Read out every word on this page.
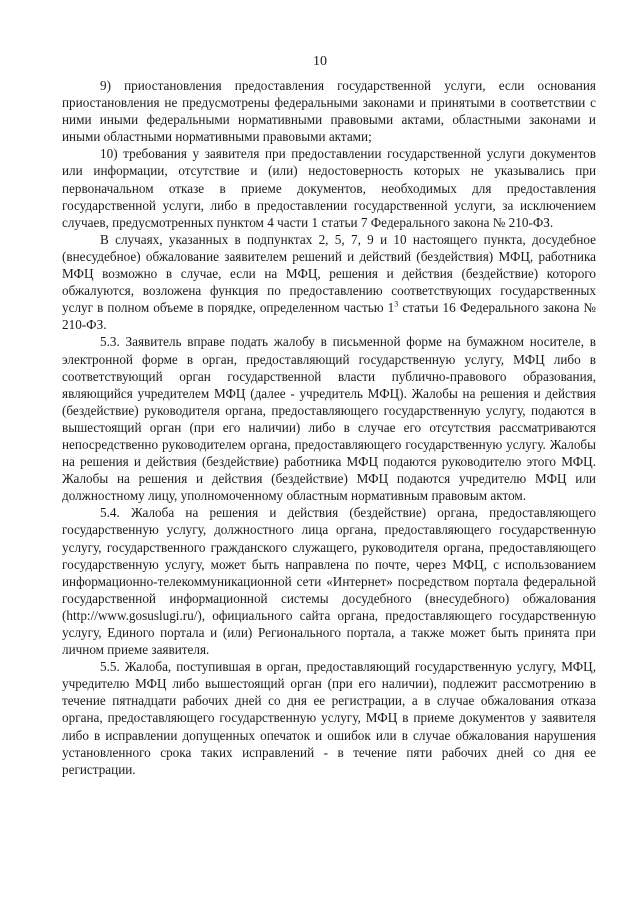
10

9) приостановления предоставления государственной услуги, если основания приостановления не предусмотрены федеральными законами и принятыми в соответствии с ними иными федеральными нормативными правовыми актами, областными законами и иными областными нормативными правовыми актами;

10) требования у заявителя при предоставлении государственной услуги документов или информации, отсутствие и (или) недостоверность которых не указывались при первоначальном отказе в приеме документов, необходимых для предоставления государственной услуги, либо в предоставлении государственной услуги, за исключением случаев, предусмотренных пунктом 4 части 1 статьи 7 Федерального закона № 210-ФЗ.

В случаях, указанных в подпунктах 2, 5, 7, 9 и 10 настоящего пункта, досудебное (внесудебное) обжалование заявителем решений и действий (бездействия) МФЦ, работника МФЦ возможно в случае, если на МФЦ, решения и действия (бездействие) которого обжалуются, возложена функция по предоставлению соответствующих государственных услуг в полном объеме в порядке, определенном частью $1^3$ статьи 16 Федерального закона № 210-ФЗ.

5.3. Заявитель вправе подать жалобу в письменной форме на бумажном носителе, в электронной форме в орган, предоставляющий государственную услугу, МФЦ либо в соответствующий орган государственной власти публично-правового образования, являющийся учредителем МФЦ (далее - учредитель МФЦ). Жалобы на решения и действия (бездействие) руководителя органа, предоставляющего государственную услугу, подаются в вышестоящий орган (при его наличии) либо в случае его отсутствия рассматриваются непосредственно руководителем органа, предоставляющего государственную услугу. Жалобы на решения и действия (бездействие) работника МФЦ подаются руководителю этого МФЦ. Жалобы на решения и действия (бездействие) МФЦ подаются учредителю МФЦ или должностному лицу, уполномоченному областным нормативным правовым актом.

5.4. Жалоба на решения и действия (бездействие) органа, предоставляющего государственную услугу, должностного лица органа, предоставляющего государственную услугу, государственного гражданского служащего, руководителя органа, предоставляющего государственную услугу, может быть направлена по почте, через МФЦ, с использованием информационно-телекоммуникационной сети «Интернет» посредством портала федеральной государственной информационной системы досудебного (внесудебного) обжалования (http://www.gosuslugi.ru/), официального сайта органа, предоставляющего государственную услугу, Единого портала и (или) Регионального портала, а также может быть принята при личном приеме заявителя.

5.5. Жалоба, поступившая в орган, предоставляющий государственную услугу, МФЦ, учредителю МФЦ либо вышестоящий орган (при его наличии), подлежит рассмотрению в течение пятнадцати рабочих дней со дня ее регистрации, а в случае обжалования отказа органа, предоставляющего государственную услугу, МФЦ в приеме документов у заявителя либо в исправлении допущенных опечаток и ошибок или в случае обжалования нарушения установленного срока таких исправлений - в течение пяти рабочих дней со дня ее регистрации.
